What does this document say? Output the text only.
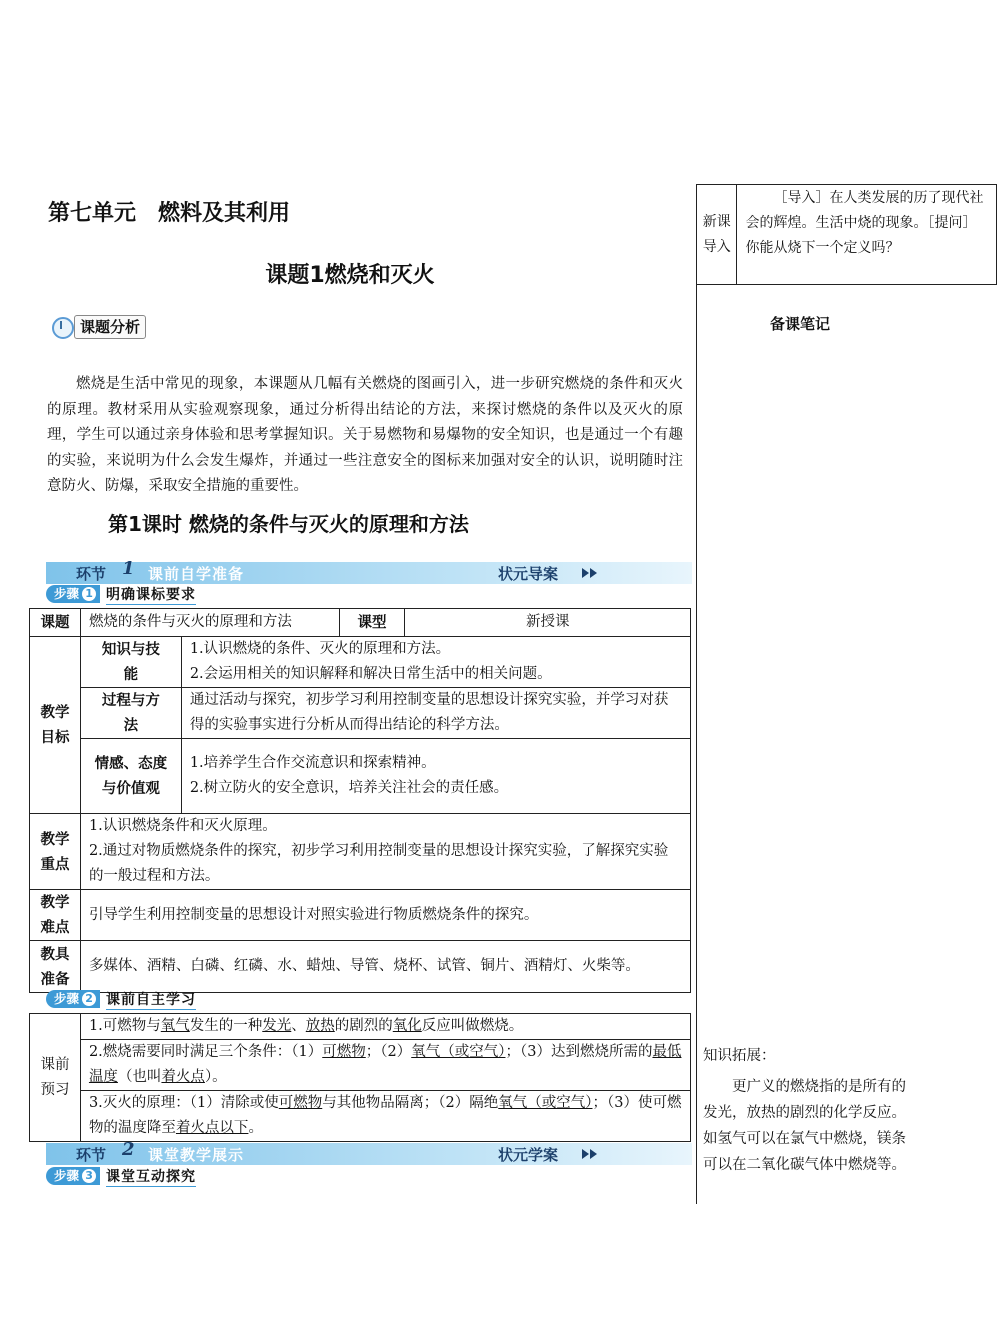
第七单元　燃料及其利用
课题1燃烧和灭火
课题分析
燃烧是生活中常见的现象，本课题从几幅有关燃烧的图画引入，进一步研究燃烧的条件和灭火的原理。教材采用从实验观察现象，通过分析得出结论的方法，来探讨燃烧的条件以及灭火的原理，学生可以通过亲身体验和思考掌握知识。关于易燃物和易爆物的安全知识，也是通过一个有趣的实验，来说明为什么会发生爆炸，并通过一些注意安全的图标来加强对安全的认识，说明随时注意防火、防爆，采取安全措施的重要性。
第1课时 燃烧的条件与灭火的原理和方法
环节 1 课前自学准备	状元导案
步骤 1 明确课标要求
课题	燃烧的条件与灭火的原理和方法		课型	新授课
教学目标	知识与技能	1.认识燃烧的条件、灭火的原理和方法。
2.会运用相关的知识解释和解决日常生活中的相关问题。		

	过程与方法	通过活动与探究，初步学习利用控制变量的思想设计探究实验，并学习对获得的实验事实进行分析从而得出结论的科学方法。		
	情感、态度与价值观	1.培养学生合作交流意识和探索精神。
2.树立防火的安全意识，培养关注社会的责任感。		

教学重点	1.认识燃烧条件和灭火原理。
2.通过对物质燃烧条件的探究，初步学习利用控制变量的思想设计探究实验，了解探究实验的一般过程和方法。			

教学难点	引导学生利用控制变量的思想设计对照实验进行物质燃烧条件的探究。			
教具准备	多媒体、酒精、白磷、红磷、水、蜡烛、导管、烧杯、试管、铜片、酒精灯、火柴等。			
步骤 2 课前自主学习
课前预习	1.可燃物与氧气发生的一种发光、放热的剧烈的氧化反应叫做燃烧。
2.燃烧需要同时满足三个条件：（1）可燃物；（2）氧气（或空气）；（3）达到燃烧所需的最低温度（也叫着火点）。
3.灭火的原理：（1）清除或使可燃物与其他物品隔离；（2）隔绝氧气（或空气）；（3）使可燃物的温度降至着火点以下。
环节 2 课堂教学展示	状元学案
步骤 3 课堂互动探究
新课导入	［导入］在人类发展的历了现代社会的辉煌。生活中烧的现象。［提问］你能从烧下一个定义吗？
备课笔记
知识拓展：
更广义的燃烧指的是所有的发光，放热的剧烈的化学反应。如氢气可以在氯气中燃烧，镁条可以在二氧化碳气体中燃烧等。
